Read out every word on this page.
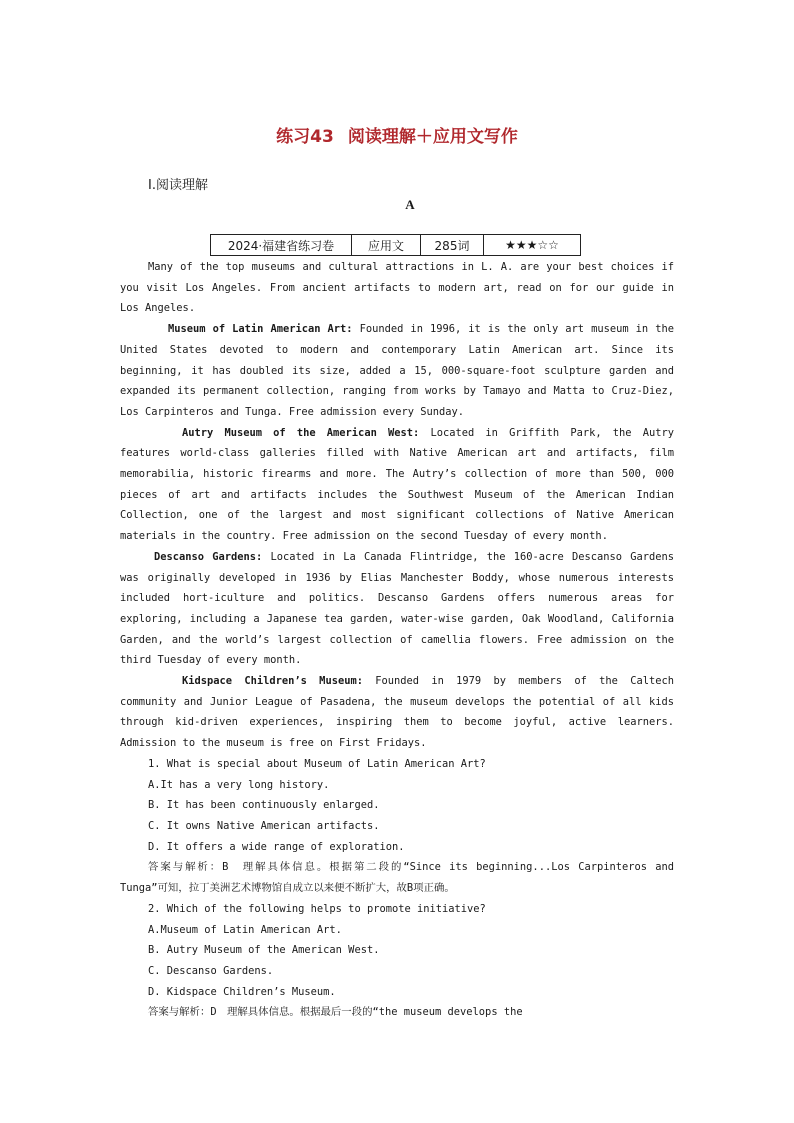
练习43 阅读理解＋应用文写作
Ⅰ.阅读理解
A
2024·福建省练习卷	应用文	285词	★★★☆☆

Many of the top museums and cultural attractions in L. A. are your best choices if you visit Los Angeles. From ancient artifacts to modern art, read on for our guide in Los Angeles.

Museum of Latin American Art: Founded in 1996, it is the only art museum in the United States devoted to modern and contemporary Latin American art. Since its beginning, it has doubled its size, added a 15, 000-square-foot sculpture garden and expanded its permanent collection, ranging from works by Tamayo and Matta to Cruz-Diez, Los Carpinteros and Tunga. Free admission every Sunday.

Autry Museum of the American West: Located in Griffith Park, the Autry features world-class galleries filled with Native American art and artifacts, film memorabilia, historic firearms and more. The Autry’s collection of more than 500, 000 pieces of art and artifacts includes the Southwest Museum of the American Indian Collection, one of the largest and most significant collections of Native American materials in the country. Free admission on the second Tuesday of every month.

Descanso Gardens: Located in La Canada Flintridge, the 160-acre Descanso Gardens was originally developed in 1936 by Elias Manchester Boddy, whose numerous interests included hort-iculture and politics. Descanso Gardens offers numerous areas for exploring, including a Japanese tea garden, water-wise garden, Oak Woodland, California Garden, and the world’s largest collection of camellia flowers. Free admission on the third Tuesday of every month.

Kidspace Children’s Museum: Founded in 1979 by members of the Caltech community and Junior League of Pasadena, the museum develops the potential of all kids through kid-driven experiences, inspiring them to become joyful, active learners. Admission to the museum is free on First Fridays.

1. What is special about Museum of Latin American Art?

A.It has a very long history.

B. It has been continuously enlarged.

C. It owns Native American artifacts.

D. It offers a wide range of exploration.

答案与解析：B　理解具体信息。根据第二段的“Since its beginning...Los Carpinteros and Tunga”可知，拉丁美洲艺术博物馆自成立以来便不断扩大，故B项正确。

2. Which of the following helps to promote initiative?

A.Museum of Latin American Art.

B. Autry Museum of the American West.

C. Descanso Gardens.

D. Kidspace Children’s Museum.

答案与解析：D　理解具体信息。根据最后一段的“the museum develops the
